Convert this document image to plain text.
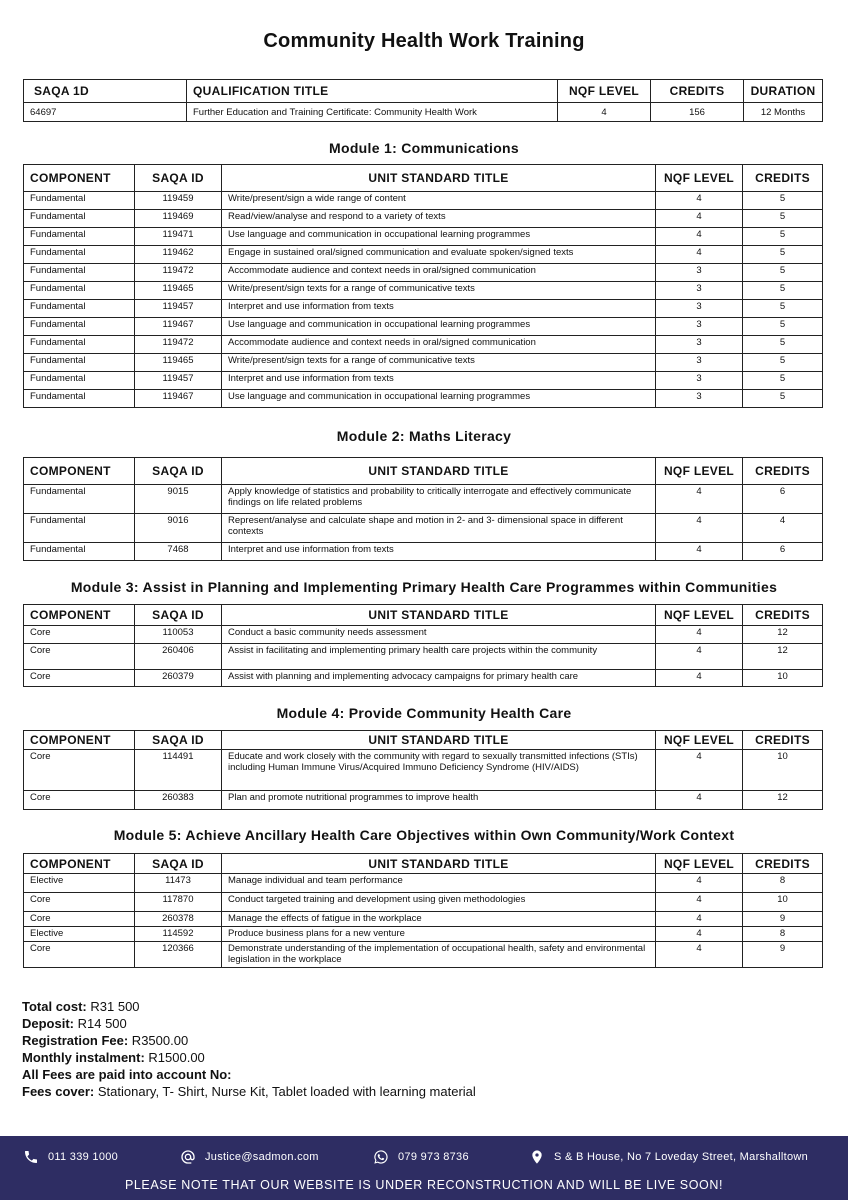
Community Health Work Training
SAQA 1D	QUALIFICATION TITLE	NQF LEVEL	CREDITS	DURATION
64697	Further Education and Training Certificate: Community Health Work	4	156	12 Months
Module 1: Communications
COMPONENT	SAQA ID	UNIT STANDARD TITLE	NQF LEVEL	CREDITS
Fundamental	119459	Write/present/sign a wide range of content	4	5
Fundamental	119469	Read/view/analyse and respond to a variety of texts	4	5
Fundamental	119471	Use language and communication in occupational learning programmes	4	5
Fundamental	119462	Engage in sustained oral/signed communication and evaluate spoken/signed texts	4	5
Fundamental	119472	Accommodate audience and context needs in oral/signed communication	3	5
Fundamental	119465	Write/present/sign texts for a range of communicative texts	3	5
Fundamental	119457	Interpret and use information from texts	3	5
Fundamental	119467	Use language and communication in occupational learning programmes	3	5
Fundamental	119472	Accommodate audience and context needs in oral/signed communication	3	5
Fundamental	119465	Write/present/sign texts for a range of communicative texts	3	5
Fundamental	119457	Interpret and use information from texts	3	5
Fundamental	119467	Use language and communication in occupational learning programmes	3	5
Module 2: Maths Literacy
COMPONENT	SAQA ID	UNIT STANDARD TITLE	NQF LEVEL	CREDITS
Fundamental	9015	Apply knowledge of statistics and probability to critically interrogate and effectively communicate findings on life related problems	4	6
Fundamental	9016	Represent/analyse and calculate shape and motion in 2- and 3- dimensional space in different contexts	4	4
Fundamental	7468	Interpret and use information from texts	4	6
Module 3: Assist in Planning and Implementing Primary Health Care Programmes within Communities
COMPONENT	SAQA ID	UNIT STANDARD TITLE	NQF LEVEL	CREDITS
Core	110053	Conduct a basic community needs assessment	4	12
Core	260406	Assist in facilitating and implementing primary health care projects within the community	4	12
Core	260379	Assist with planning and implementing advocacy campaigns for primary health care	4	10
Module 4: Provide Community Health Care
COMPONENT	SAQA ID	UNIT STANDARD TITLE	NQF LEVEL	CREDITS
Core	114491	Educate and work closely with the community with regard to sexually transmitted infections (STIs) including Human Immune Virus/Acquired Immuno Deficiency Syndrome (HIV/AIDS)	4	10
Core	260383	Plan and promote nutritional programmes to improve health	4	12
Module 5: Achieve Ancillary Health Care Objectives within Own Community/Work Context
COMPONENT	SAQA ID	UNIT STANDARD TITLE	NQF LEVEL	CREDITS
Elective	11473	Manage individual and team performance	4	8
Core	117870	Conduct targeted training and development using given methodologies	4	10
Core	260378	Manage the effects of fatigue in the workplace	4	9
Elective	114592	Produce business plans for a new venture	4	8
Core	120366	Demonstrate understanding of the implementation of occupational health, safety and environmental legislation in the workplace	4	9
Total cost: R31 500
Deposit: R14 500
Registration Fee: R3500.00
Monthly instalment: R1500.00
All Fees are paid into account No:
Fees cover: Stationary, T- Shirt, Nurse Kit, Tablet loaded with learning material
011 339 1000	Justice@sadmon.com	079 973 8736	S & B House, No 7 Loveday Street, Marshalltown
PLEASE NOTE THAT OUR WEBSITE IS UNDER RECONSTRUCTION AND WILL BE LIVE SOON!
